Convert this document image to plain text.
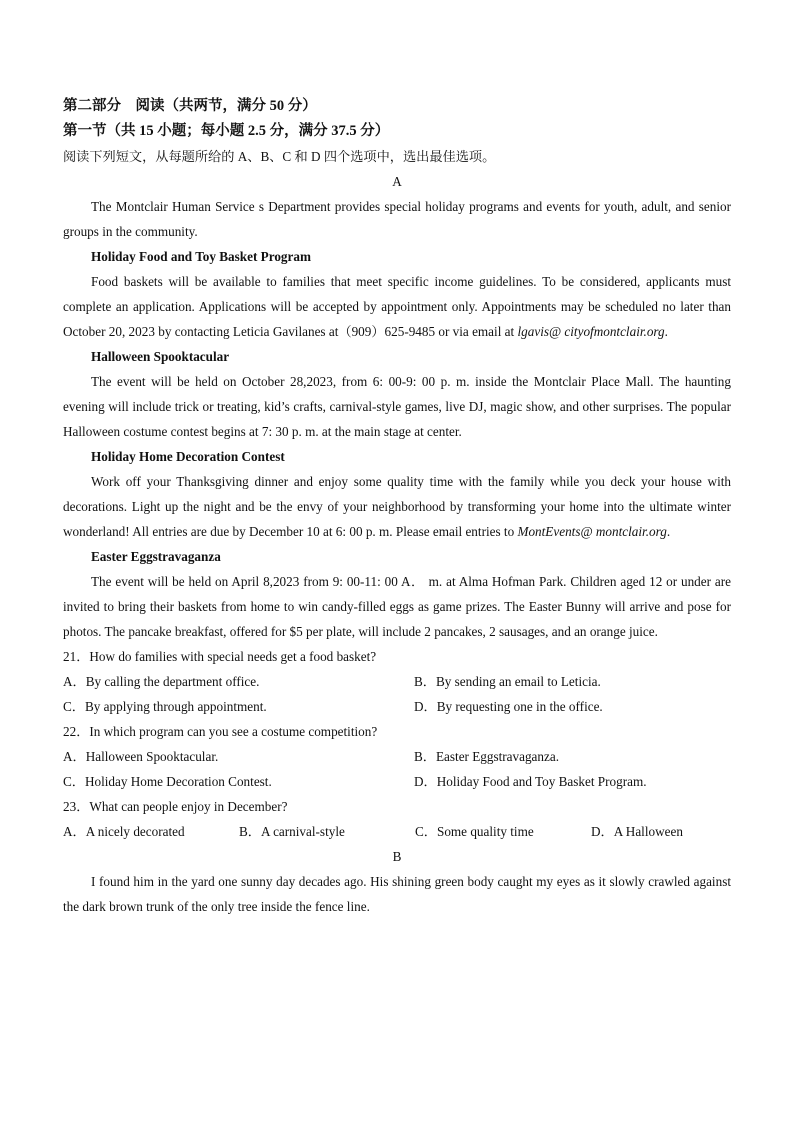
第二部分　阅读（共两节，满分 50 分）
第一节（共 15 小题；每小题 2.5 分，满分 37.5 分）
阅读下列短文，从每题所给的 A、B、C 和 D 四个选项中，选出最佳选项。
A
The Montclair Human Service s Department provides special holiday programs and events for youth, adult, and senior groups in the community.
Holiday Food and Toy Basket Program
Food baskets will be available to families that meet specific income guidelines. To be considered, applicants must complete an application. Applications will be accepted by appointment only. Appointments may be scheduled no later than October 20, 2023 by contacting Leticia Gavilanes at（909）625-9485 or via email at lgavis@ cityofmontclair.org.
Halloween Spooktacular
The event will be held on October 28,2023, from 6: 00-9: 00 p. m. inside the Montclair Place Mall. The haunting evening will include trick or treating, kid’s crafts, carnival-style games, live DJ, magic show, and other surprises. The popular Halloween costume contest begins at 7: 30 p. m. at the main stage at center.
Holiday Home Decoration Contest
Work off your Thanksgiving dinner and enjoy some quality time with the family while you deck your house with decorations. Light up the night and be the envy of your neighborhood by transforming your home into the ultimate winter wonderland! All entries are due by December 10 at 6: 00 p. m. Please email entries to MontEvents@ montclair.org.
Easter Eggstravaganza
The event will be held on April 8,2023 from 9: 00-11: 00 A． m. at Alma Hofman Park. Children aged 12 or under are invited to bring their baskets from home to win candy-filled eggs as game prizes. The Easter Bunny will arrive and pose for photos. The pancake breakfast, offered for $5 per plate, will include 2 pancakes, 2 sausages, and an orange juice.
21．How do families with special needs get a food basket?
A．By calling the department office.	B．By sending an email to Leticia.
C．By applying through appointment.	D．By requesting one in the office.
22．In which program can you see a costume competition?
A．Halloween Spooktacular.	B．Easter Eggstravaganza.
C．Holiday Home Decoration Contest.	D．Holiday Food and Toy Basket Program.
23．What can people enjoy in December?
A．A nicely decorated	B．A carnival-style	C．Some quality time	D．A Halloween
B
I found him in the yard one sunny day decades ago. His shining green body caught my eyes as it slowly crawled against the dark brown trunk of the only tree inside the fence line.
